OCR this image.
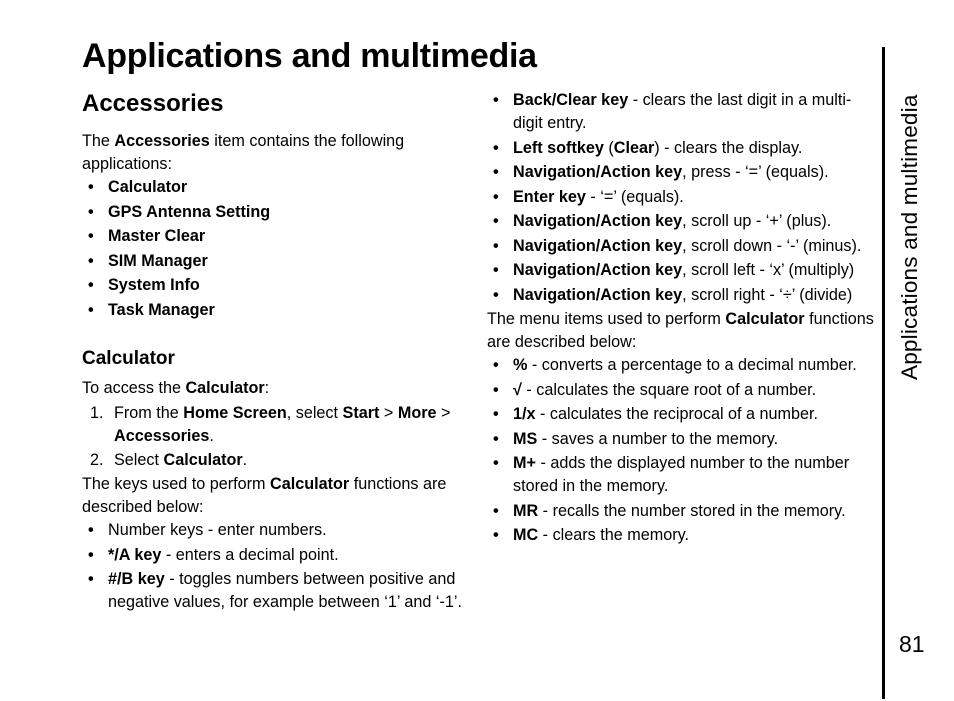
Applications and multimedia
Accessories

The Accessories item contains the following applications:

• Calculator
• GPS Antenna Setting
• Master Clear
• SIM Manager
• System Info
• Task Manager
Calculator

To access the Calculator:

1. From the Home Screen, select Start > More > Accessories.
2. Select Calculator.

The keys used to perform Calculator functions are described below:

• Number keys - enter numbers.
• */A key - enters a decimal point.
• #/B key - toggles numbers between positive and negative values, for example between ‘1’ and ‘-1’.
• Back/Clear key - clears the last digit in a multi-digit entry.
• Left softkey (Clear) - clears the display.
• Navigation/Action key, press - ‘=’ (equals).
• Enter key - ‘=’ (equals).
• Navigation/Action key, scroll up - ‘+’ (plus).
• Navigation/Action key, scroll down - ‘-’ (minus).
• Navigation/Action key, scroll left - ‘x’ (multiply)
• Navigation/Action key, scroll right - ‘÷’ (divide)

The menu items used to perform Calculator functions are described below:

• % - converts a percentage to a decimal number.
• √ - calculates the square root of a number.
• 1/x - calculates the reciprocal of a number.
• MS - saves a number to the memory.
• M+ - adds the displayed number to the number stored in the memory.
• MR - recalls the number stored in the memory.
• MC - clears the memory.
Applications and multimedia
81
